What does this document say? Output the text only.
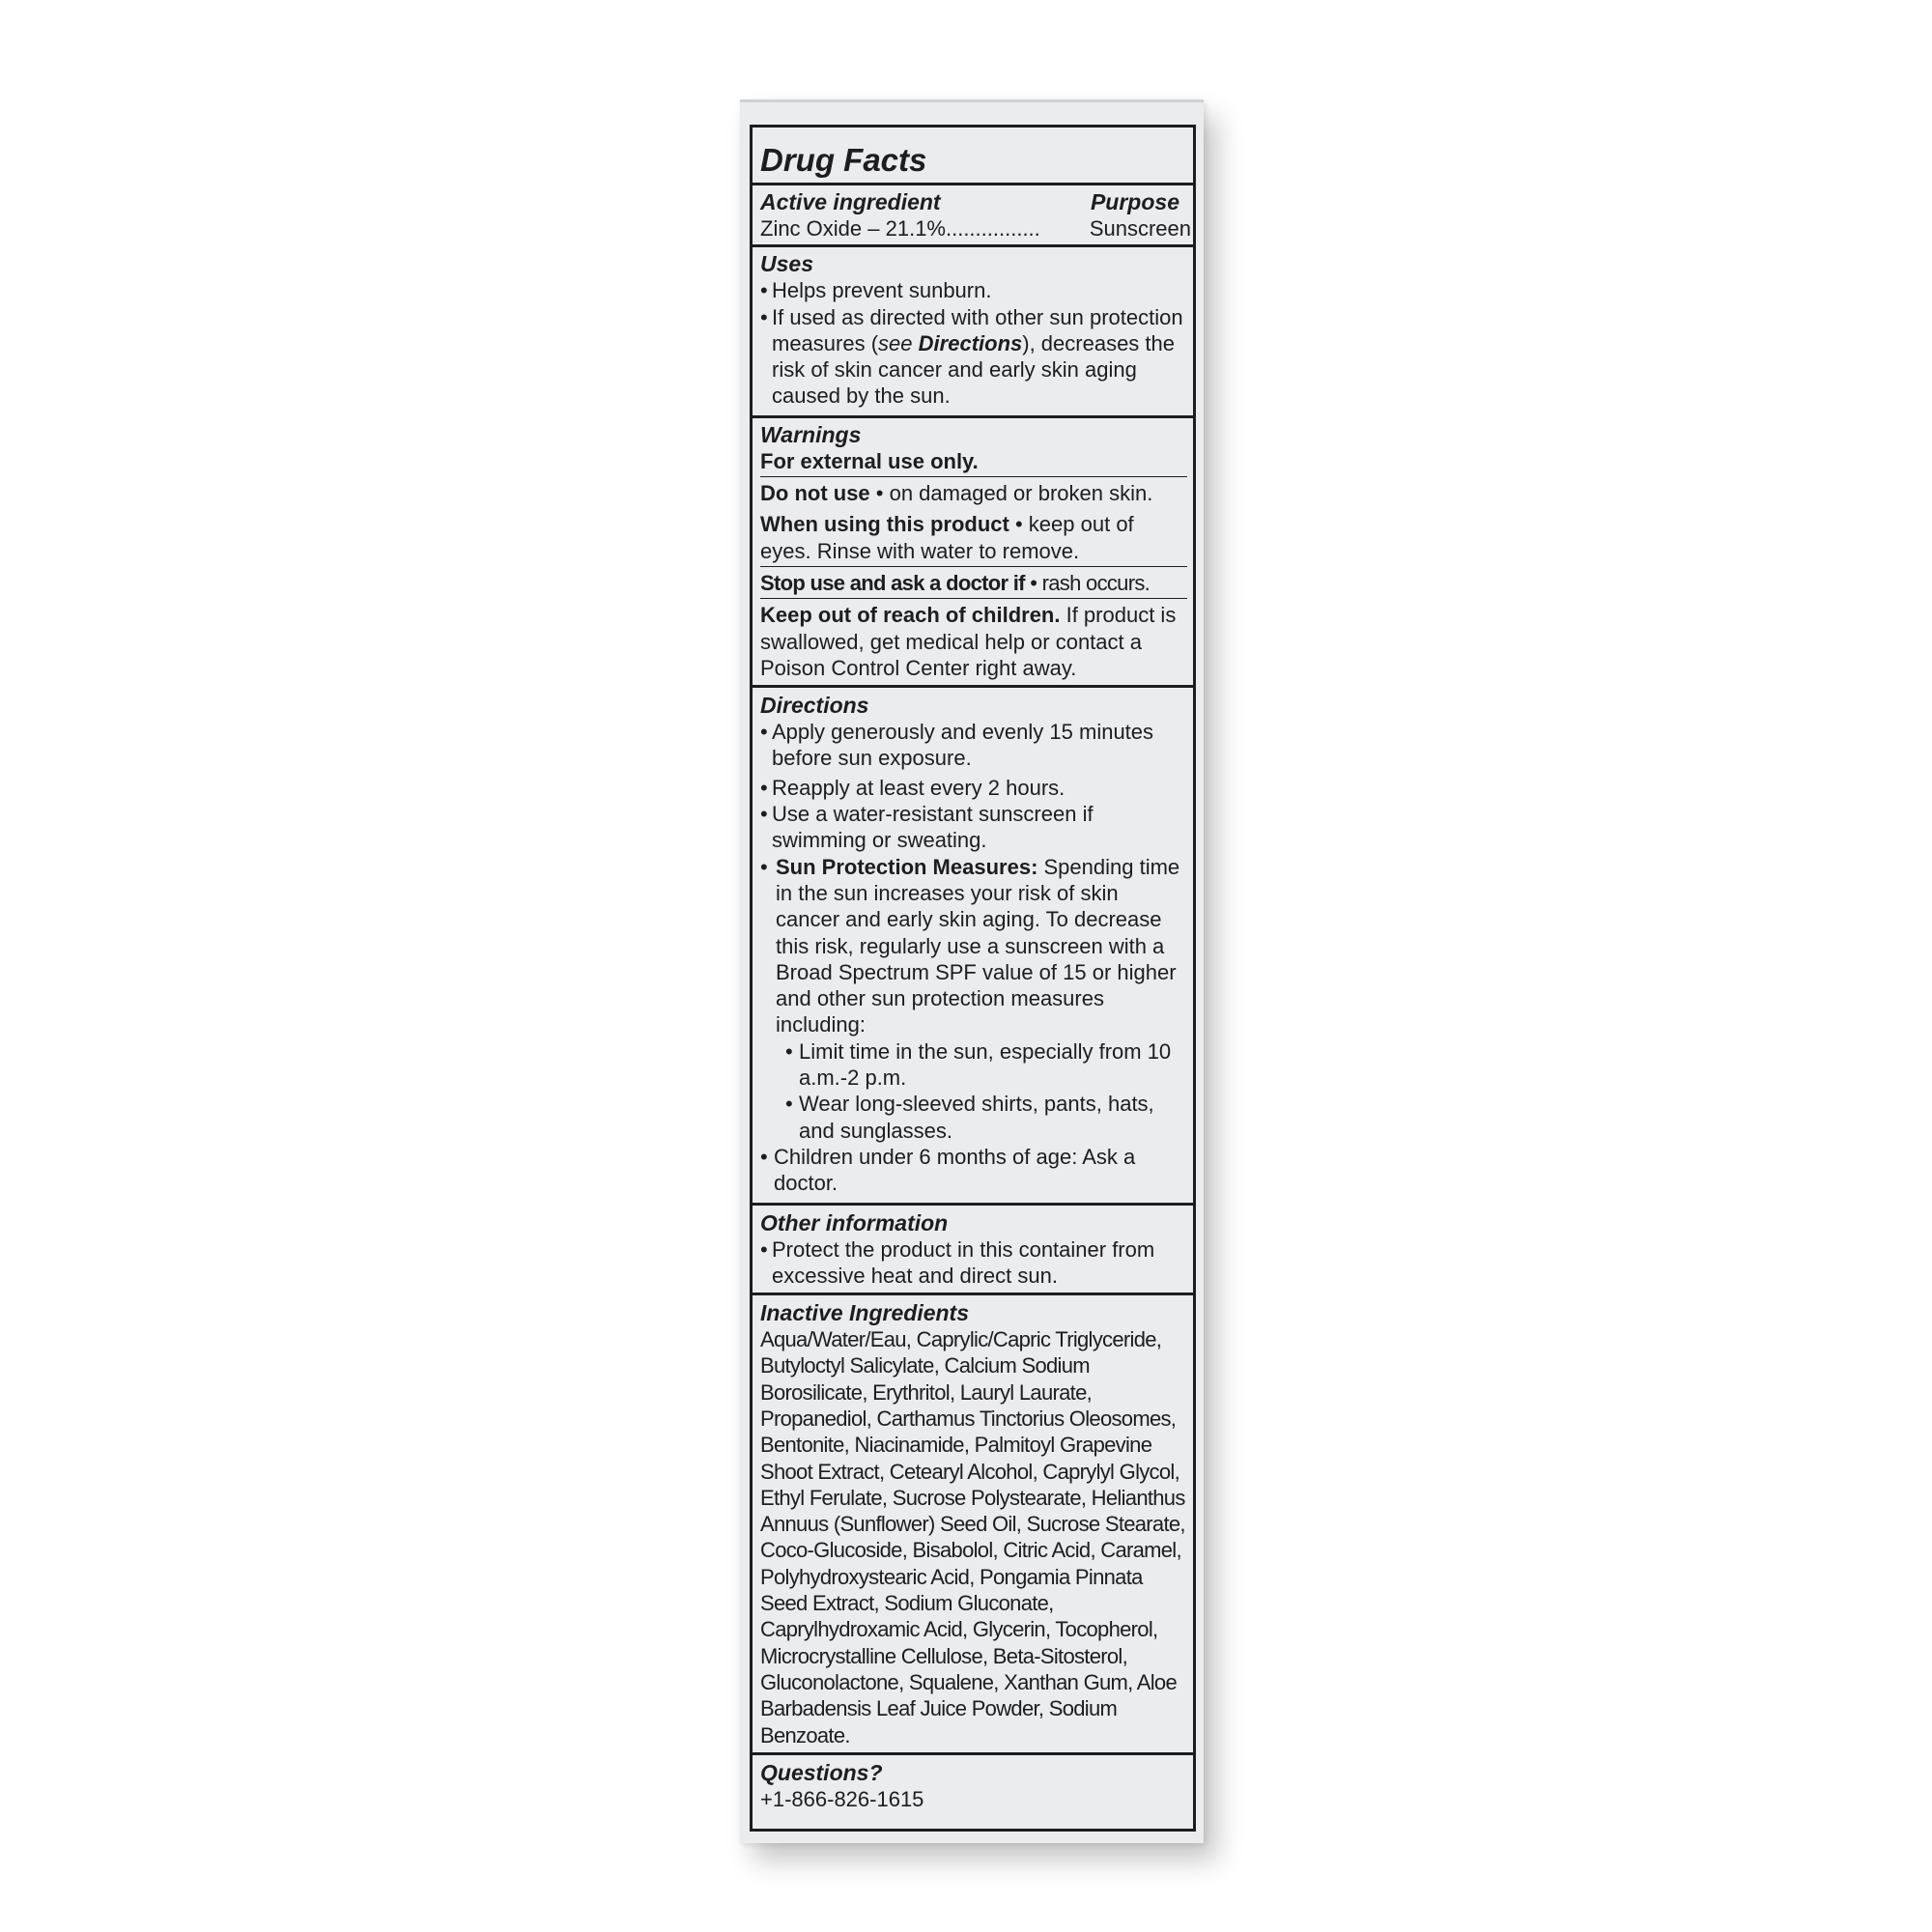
Drug Facts
Active ingredient	Purpose
Zinc Oxide – 21.1%................ Sunscreen
Uses
• Helps prevent sunburn.
• If used as directed with other sun protection measures (see Directions), decreases the risk of skin cancer and early skin aging caused by the sun.
Warnings
For external use only.
Do not use • on damaged or broken skin.
When using this product • keep out of eyes. Rinse with water to remove.
Stop use and ask a doctor if • rash occurs.
Keep out of reach of children. If product is swallowed, get medical help or contact a Poison Control Center right away.
Directions
• Apply generously and evenly 15 minutes before sun exposure.
• Reapply at least every 2 hours.
• Use a water-resistant sunscreen if swimming or sweating.
• Sun Protection Measures: Spending time in the sun increases your risk of skin cancer and early skin aging. To decrease this risk, regularly use a sunscreen with a Broad Spectrum SPF value of 15 or higher and other sun protection measures including:
• Limit time in the sun, especially from 10 a.m.-2 p.m.
• Wear long-sleeved shirts, pants, hats, and sunglasses.
• Children under 6 months of age: Ask a doctor.
Other information
• Protect the product in this container from excessive heat and direct sun.
Inactive Ingredients
Aqua/Water/Eau, Caprylic/Capric Triglyceride, Butyloctyl Salicylate, Calcium Sodium Borosilicate, Erythritol, Lauryl Laurate, Propanediol, Carthamus Tinctorius Oleosomes, Bentonite, Niacinamide, Palmitoyl Grapevine Shoot Extract, Cetearyl Alcohol, Caprylyl Glycol, Ethyl Ferulate, Sucrose Polystearate, Helianthus Annuus (Sunflower) Seed Oil, Sucrose Stearate, Coco-Glucoside, Bisabolol, Citric Acid, Caramel, Polyhydroxystearic Acid, Pongamia Pinnata Seed Extract, Sodium Gluconate, Caprylhydroxamic Acid, Glycerin, Tocopherol, Microcrystalline Cellulose, Beta-Sitosterol, Gluconolactone, Squalene, Xanthan Gum, Aloe Barbadensis Leaf Juice Powder, Sodium Benzoate.
Questions?
+1-866-826-1615
